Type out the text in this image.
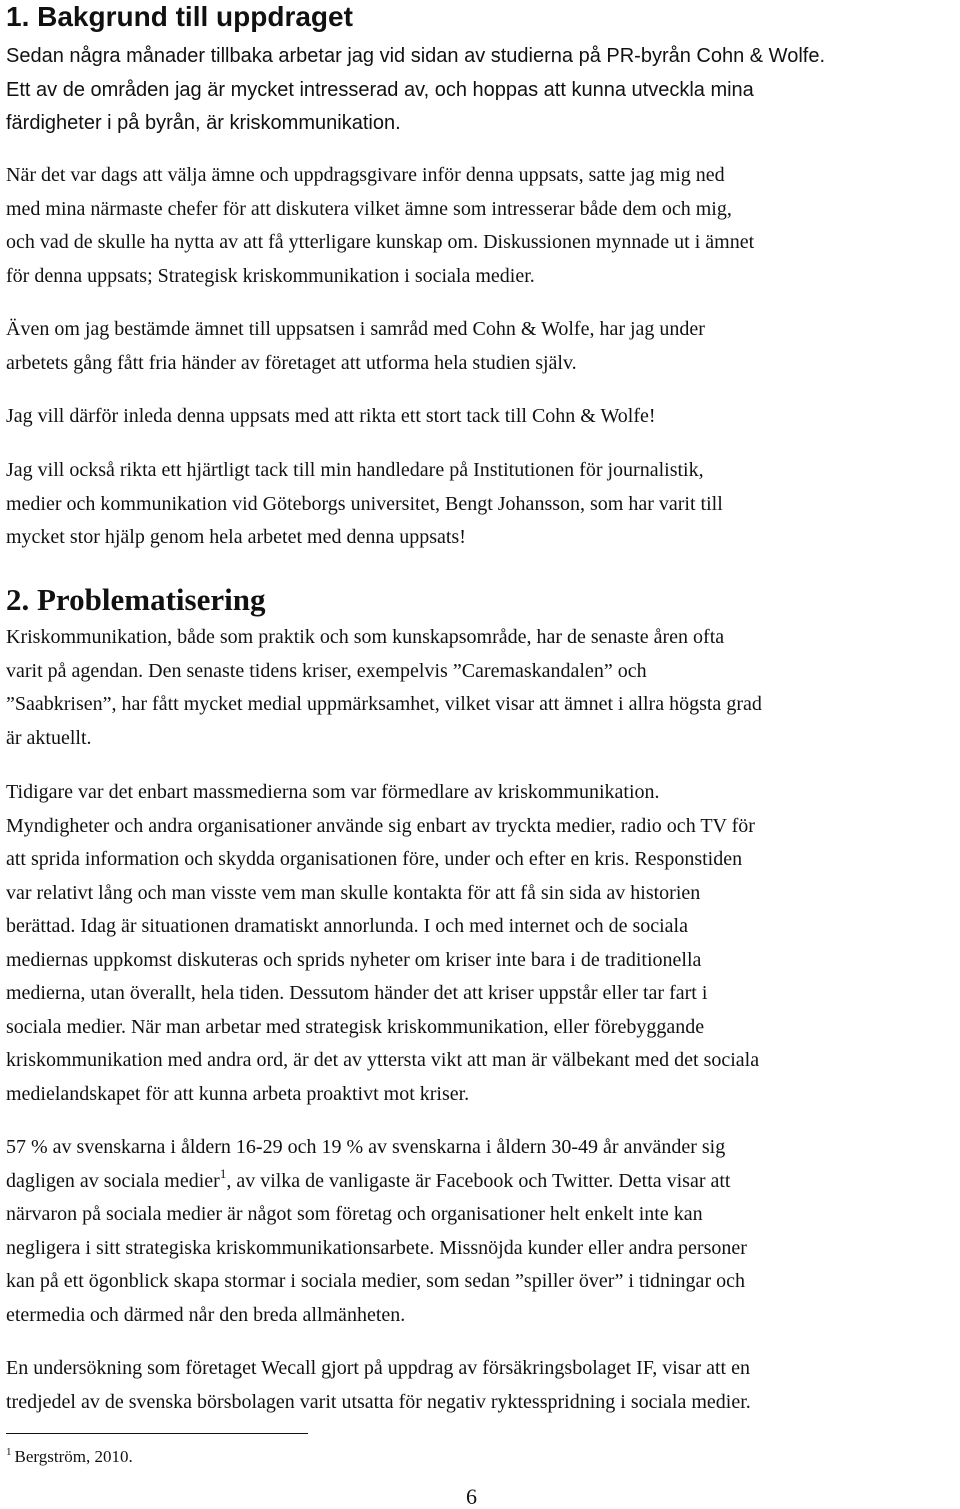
1. Bakgrund till uppdraget

Sedan några månader tillbaka arbetar jag vid sidan av studierna på PR-byrån Cohn & Wolfe.
Ett av de områden jag är mycket intresserad av, och hoppas att kunna utveckla mina
färdigheter i på byrån, är kriskommunikation.

När det var dags att välja ämne och uppdragsgivare inför denna uppsats, satte jag mig ned
med mina närmaste chefer för att diskutera vilket ämne som intresserar både dem och mig,
och vad de skulle ha nytta av att få ytterligare kunskap om. Diskussionen mynnade ut i ämnet
för denna uppsats; Strategisk kriskommunikation i sociala medier.

Även om jag bestämde ämnet till uppsatsen i samråd med Cohn & Wolfe, har jag under
arbetets gång fått fria händer av företaget att utforma hela studien själv.

Jag vill därför inleda denna uppsats med att rikta ett stort tack till Cohn & Wolfe!

Jag vill också rikta ett hjärtligt tack till min handledare på Institutionen för journalistik,
medier och kommunikation vid Göteborgs universitet, Bengt Johansson, som har varit till
mycket stor hjälp genom hela arbetet med denna uppsats!

2. Problematisering

Kriskommunikation, både som praktik och som kunskapsområde, har de senaste åren ofta
varit på agendan. Den senaste tidens kriser, exempelvis ”Caremaskandalen” och
”Saabkrisen”, har fått mycket medial uppmärksamhet, vilket visar att ämnet i allra högsta grad
är aktuellt.

Tidigare var det enbart massmedierna som var förmedlare av kriskommunikation.
Myndigheter och andra organisationer använde sig enbart av tryckta medier, radio och TV för
att sprida information och skydda organisationen före, under och efter en kris. Responstiden
var relativt lång och man visste vem man skulle kontakta för att få sin sida av historien
berättad. Idag är situationen dramatiskt annorlunda. I och med internet och de sociala
mediernas uppkomst diskuteras och sprids nyheter om kriser inte bara i de traditionella
medierna, utan överallt, hela tiden. Dessutom händer det att kriser uppstår eller tar fart i
sociala medier. När man arbetar med strategisk kriskommunikation, eller förebyggande
kriskommunikation med andra ord, är det av yttersta vikt att man är välbekant med det sociala
medielandskapet för att kunna arbeta proaktivt mot kriser.

57 % av svenskarna i åldern 16-29 och 19 % av svenskarna i åldern 30-49 år använder sig
dagligen av sociala medier$^1$, av vilka de vanligaste är Facebook och Twitter. Detta visar att
närvaron på sociala medier är något som företag och organisationer helt enkelt inte kan
negligera i sitt strategiska kriskommunikationsarbete. Missnöjda kunder eller andra personer
kan på ett ögonblick skapa stormar i sociala medier, som sedan ”spiller över” i tidningar och
etermedia och därmed når den breda allmänheten.

En undersökning som företaget Wecall gjort på uppdrag av försäkringsbolaget IF, visar att en
tredjedel av de svenska börsbolagen varit utsatta för negativ ryktesspridning i sociala medier.

$^1$ Bergström, 2010.
6
